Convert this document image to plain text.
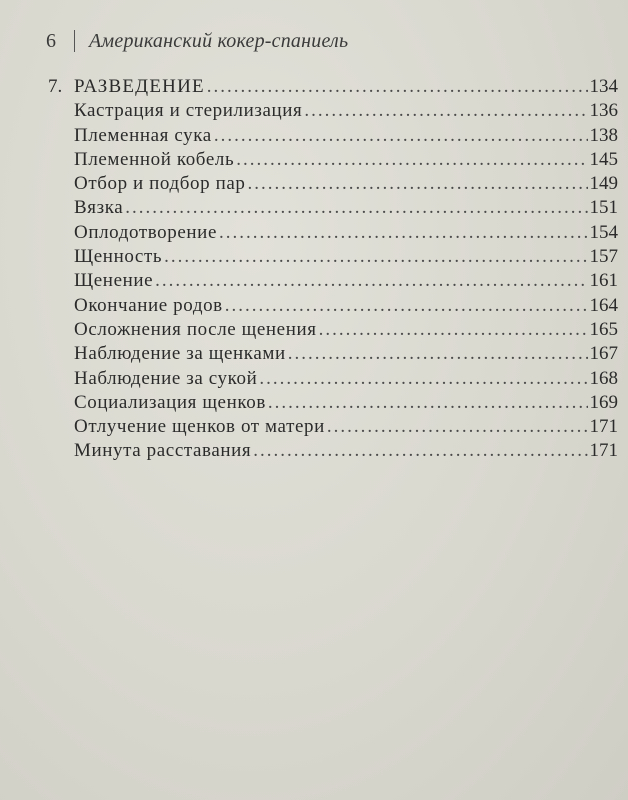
6	Американский кокер-спаниель
7. РАЗВЕДЕНИЕ .....	134
Кастрация и стерилизация .....	136
Племенная сука .....	138
Племенной кобель .....	145
Отбор и подбор пар .....	149
Вязка .....	151
Оплодотворение .....	154
Щенность .....	157
Щенение .....	161
Окончание родов .....	164
Осложнения после щенения .....	165
Наблюдение за щенками .....	167
Наблюдение за сукой .....	168
Социализация щенков .....	169
Отлучение щенков от матери .....	171
Минута расставания .....	171
